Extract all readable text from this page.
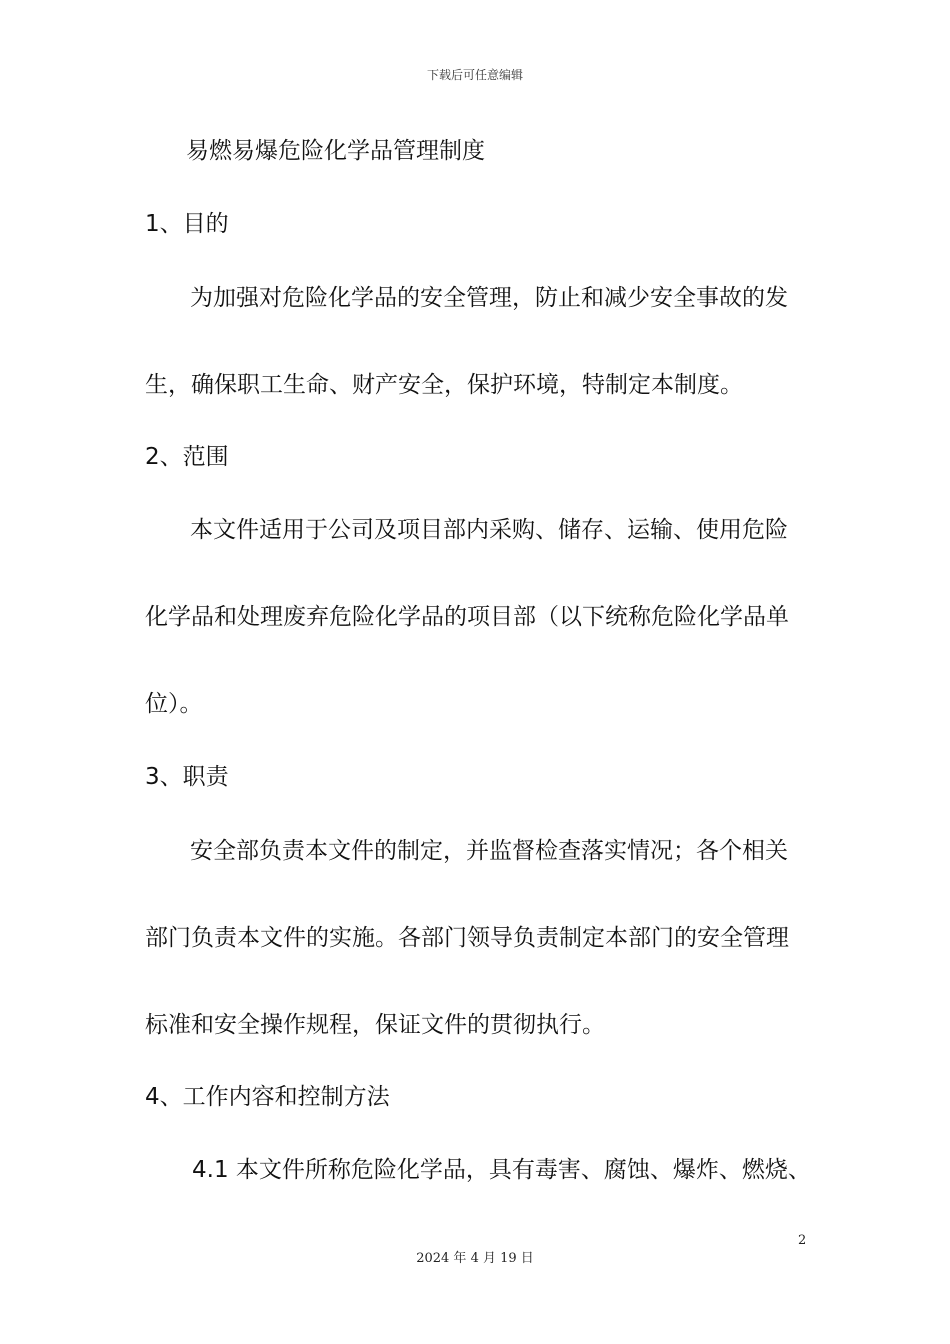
下载后可任意编辑
易燃易爆危险化学品管理制度
1、目的
为加强对危险化学品的安全管理，防止和减少安全事故的发
生，确保职工生命、财产安全，保护环境，特制定本制度。
2、范围
本文件适用于公司及项目部内采购、储存、运输、使用危险
化学品和处理废弃危险化学品的项目部（以下统称危险化学品单
位）。
3、职责
安全部负责本文件的制定，并监督检查落实情况；各个相关
部门负责本文件的实施。各部门领导负责制定本部门的安全管理
标准和安全操作规程，保证文件的贯彻执行。
4、工作内容和控制方法
4.1 本文件所称危险化学品，具有毒害、腐蚀、爆炸、燃烧、
2
2024 年 4 月 19 日
